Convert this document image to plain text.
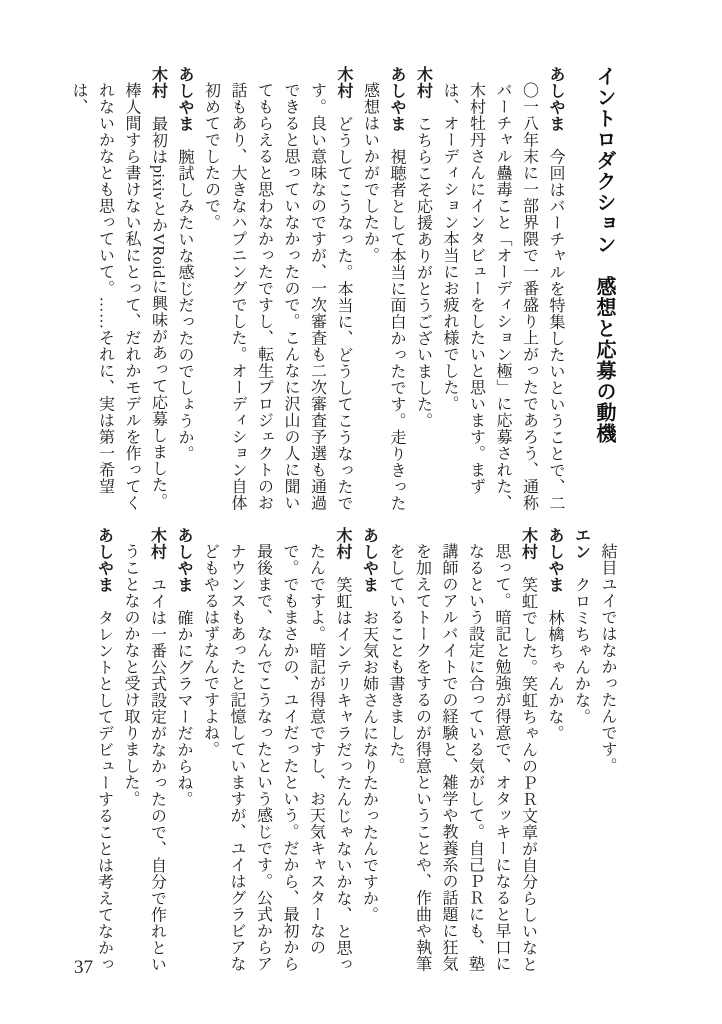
イントロダクション　感想と応募の動機

あしやま　今回はバーチャルを特集したいということで、二〇一八年末に一部界隈で一番盛り上がったであろう、通称バーチャル蠱毒こと「オーディション極」に応募された、木村牡丹さんにインタビューをしたいと思います。まずは、オーディション本当にお疲れ様でした。

木村　こちらこそ応援ありがとうございました。

あしやま　視聴者として本当に面白かったです。走りきった感想はいかがでしたか。

木村　どうしてこうなった。本当に、どうしてこうなったです。良い意味なのですが、一次審査も二次審査予選も通過できると思っていなかったので。こんなに沢山の人に聞いてもらえると思わなかったですし、転生プロジェクトのお話もあり、大きなハプニングでした。オーディション自体初めてでしたので。

あしやま　腕試しみたいな感じだったのでしょうか。

木村　最初はpixivとかVRoidに興味があって応募しました。棒人間すら書けない私にとって、だれかモデルを作ってくれないかなとも思っていて。……それに、実は第一希望は、

結目ユイではなかったんです。

エン　クロミちゃんかな。

あしやま　林檎ちゃんかな。

木村　笑虹でした。笑虹ちゃんのＰＲ文章が自分らしいなと思って。暗記と勉強が得意で、オタッキーになると早口になるという設定に合っている気がして。自己ＰＲにも、塾講師のアルバイトでの経験と、雑学や教養系の話題に狂気を加えてトークをするのが得意ということや、作曲や執筆をしていることも書きました。

あしやま　お天気お姉さんになりたかったんですか。

木村　笑虹はインテリキャラだったんじゃないかな、と思ったんですよ。暗記が得意ですし、お天気キャスターなので。でもまさかの、ユイだったという。だから、最初から最後まで、なんでこうなったという感じです。公式からアナウンスもあったと記憶していますが、ユイはグラビアなどもやるはずなんですよね。

あしやま　確かにグラマーだからね。

木村　ユイは一番公式設定がなかったので、自分で作れということなのかなと受け取りました。

あしやま　タレントとしてデビューすることは考えてなかっ

37
